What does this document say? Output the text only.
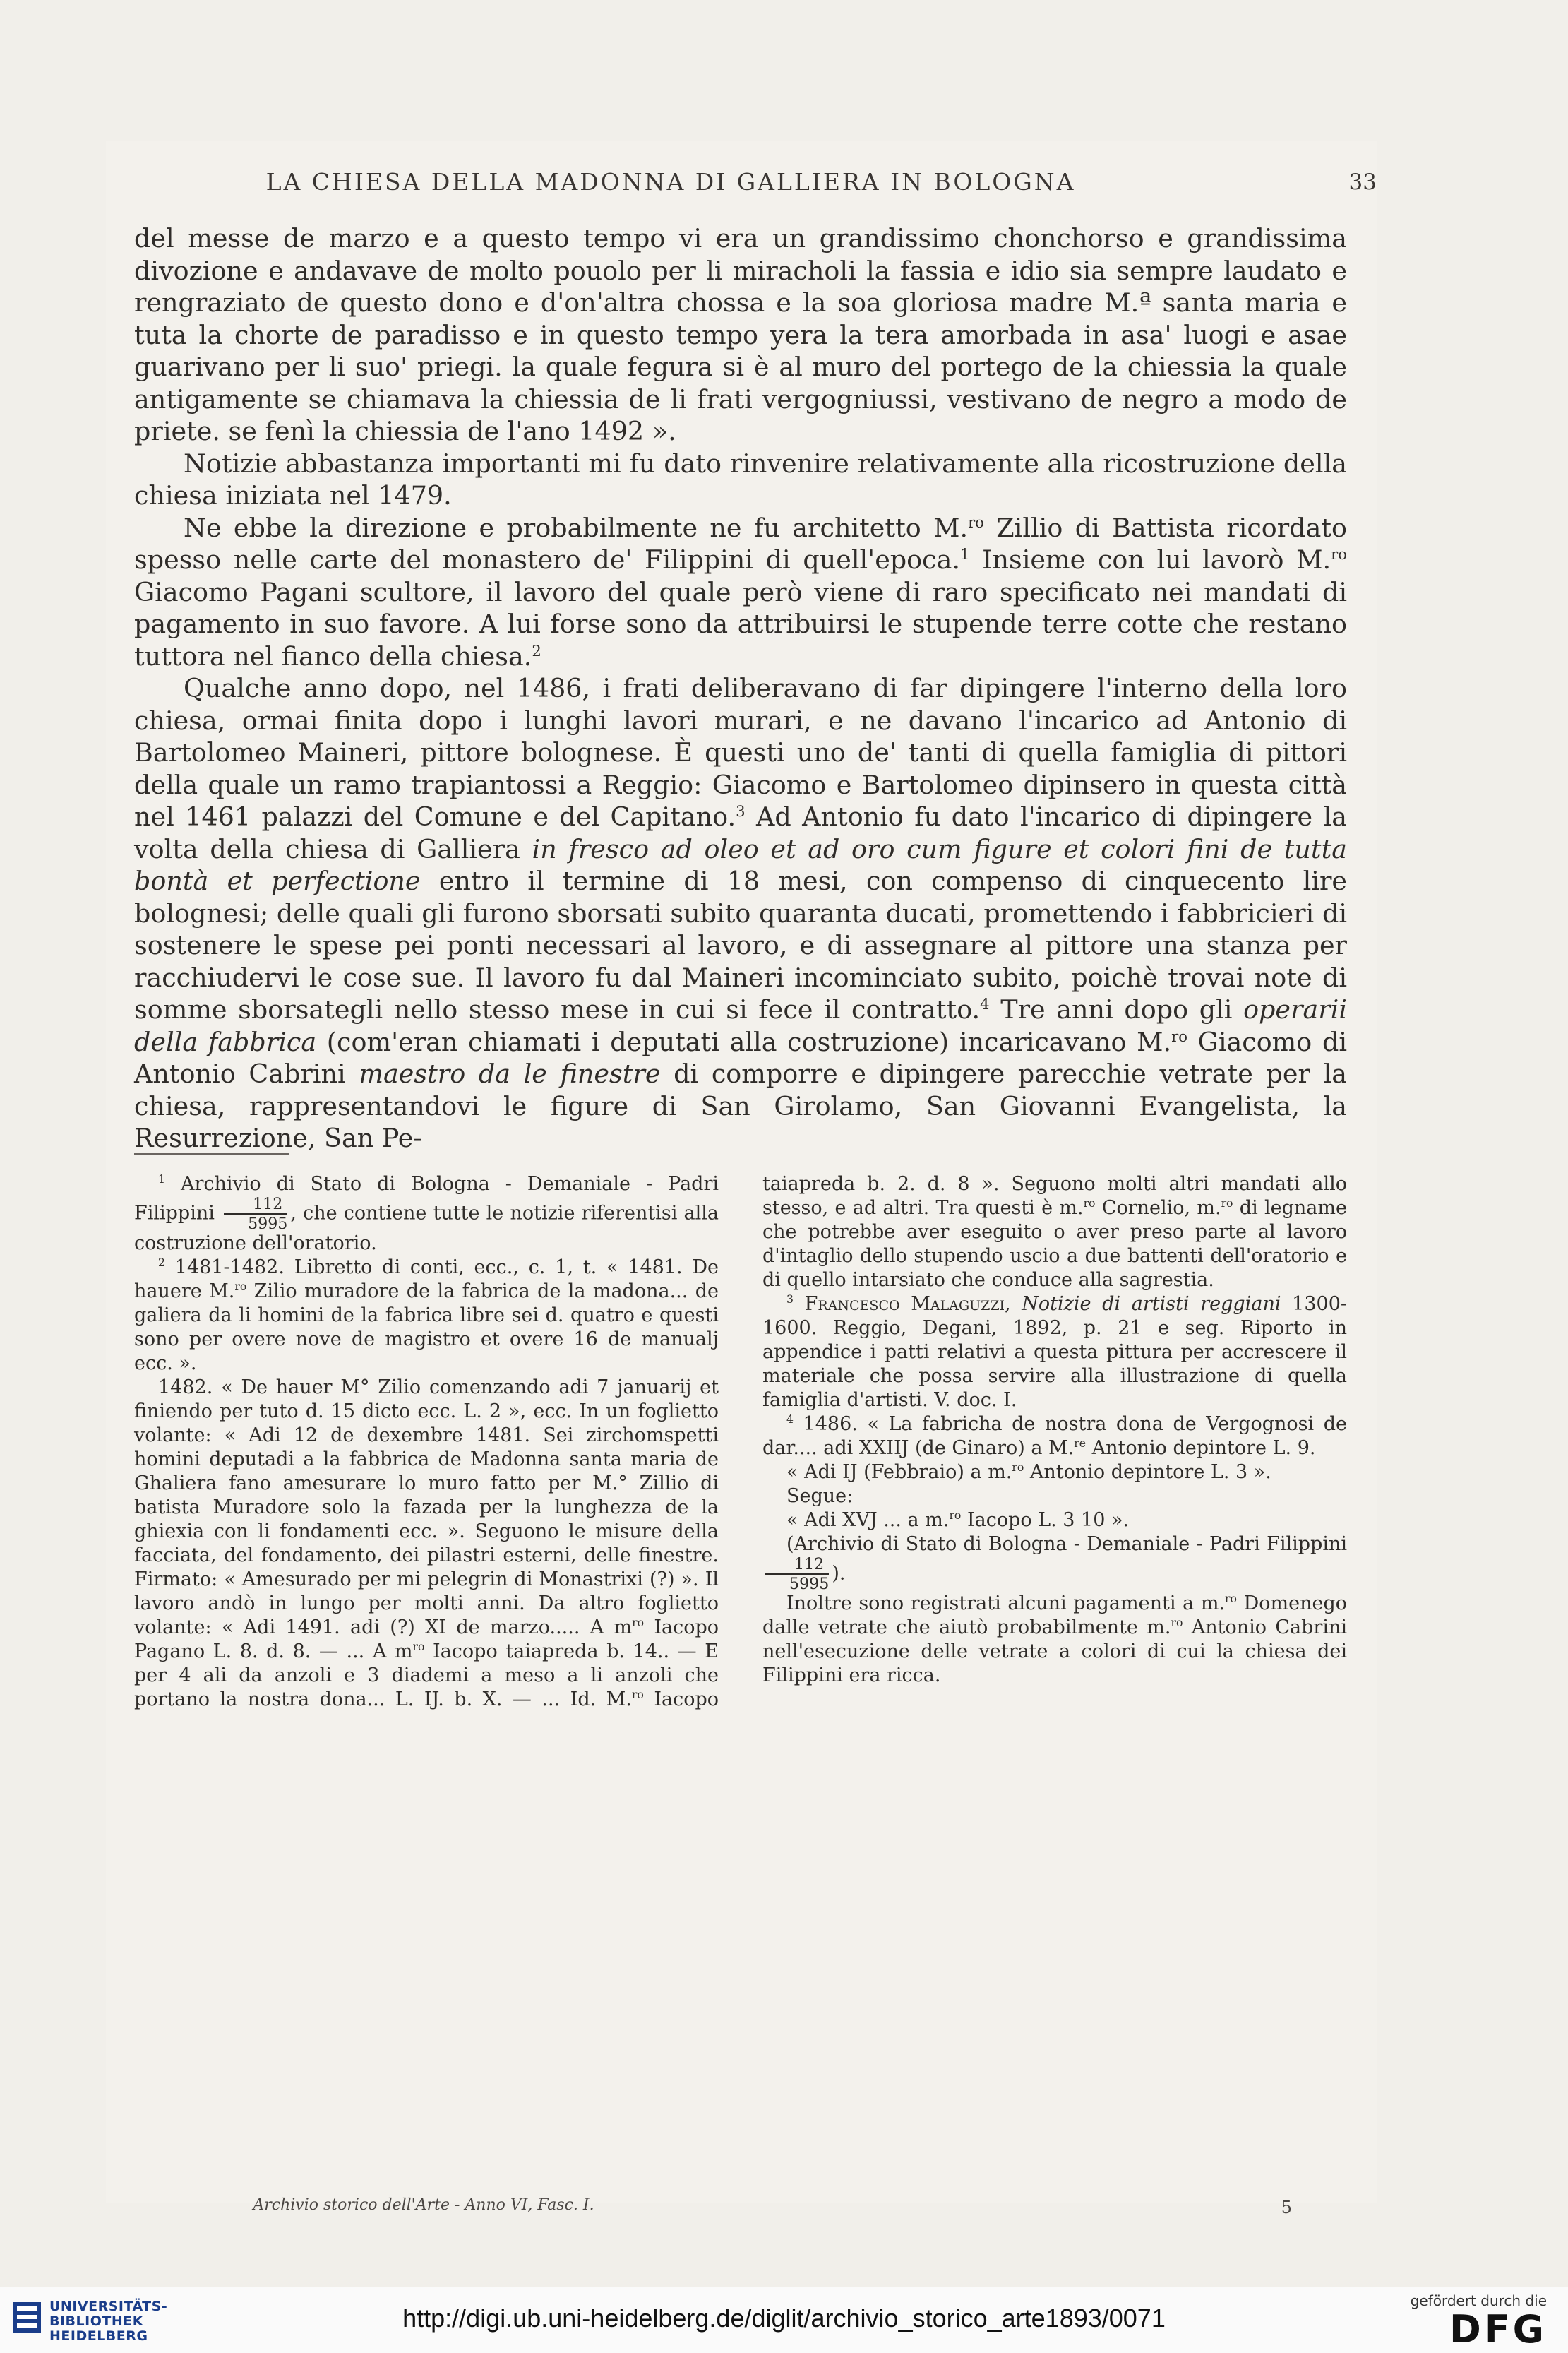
LA CHIESA DELLA MADONNA DI GALLIERA IN BOLOGNA	33

del messe de marzo e a questo tempo vi era un grandissimo chonchorso e grandissima divozione e andavave de molto pouolo per li miracholi la fassia e idio sia sempre laudato e rengraziato de questo dono e d'on'altra chossa e la soa gloriosa madre M.ª santa maria e tuta la chorte de paradisso e in questo tempo yera la tera amorbada in asa' luogi e asae guarivano per li suo' priegi. la quale fegura si è al muro del portego de la chiessia la quale antigamente se chiamava la chiessia de li frati vergogniussi, vestivano de negro a modo de priete. se fenì la chiessia de l'ano 1492 ».

Notizie abbastanza importanti mi fu dato rinvenire relativamente alla ricostruzione della chiesa iniziata nel 1479.

Ne ebbe la direzione e probabilmente ne fu architetto M.$^{ro}$ Zillio di Battista ricordato spesso nelle carte del monastero de' Filippini di quell'epoca.$^1$ Insieme con lui lavorò M.$^{ro}$ Giacomo Pagani scultore, il lavoro del quale però viene di raro specificato nei mandati di pagamento in suo favore. A lui forse sono da attribuirsi le stupende terre cotte che restano tuttora nel fianco della chiesa.$^2$

Qualche anno dopo, nel 1486, i frati deliberavano di far dipingere l'interno della loro chiesa, ormai finita dopo i lunghi lavori murari, e ne davano l'incarico ad Antonio di Bartolomeo Maineri, pittore bolognese. È questi uno de' tanti di quella famiglia di pittori della quale un ramo trapiantossi a Reggio: Giacomo e Bartolomeo dipinsero in questa città nel 1461 palazzi del Comune e del Capitano.$^3$ Ad Antonio fu dato l'incarico di dipingere la volta della chiesa di Galliera in fresco ad oleo et ad oro cum figure et colori fini de tutta bontà et perfectione entro il termine di 18 mesi, con compenso di cinquecento lire bolognesi; delle quali gli furono sborsati subito quaranta ducati, promettendo i fabbricieri di sostenere le spese pei ponti necessari al lavoro, e di assegnare al pittore una stanza per racchiudervi le cose sue. Il lavoro fu dal Maineri incominciato subito, poichè trovai note di somme sborsategli nello stesso mese in cui si fece il contratto.$^4$ Tre anni dopo gli operarii della fabbrica (com'eran chiamati i deputati alla costruzione) incaricavano M.$^{ro}$ Giacomo di Antonio Cabrini maestro da le finestre di comporre e dipingere parecchie vetrate per la chiesa, rappresentandovi le figure di San Girolamo, San Giovanni Evangelista, la Resurrezione, San Pe-

$^1$ Archivio di Stato di Bologna - Demaniale - Padri Filippini $\frac{112}{5995}$ , che contiene tutte le notizie riferentisi alla costruzione dell'oratorio.

$^2$ 1481-1482. Libretto di conti, ecc., c. 1, t. « 1481. De hauere M.$^{ro}$ Zilio muradore de la fabrica de la madona... de galiera da li homini de la fabrica libre sei d. quatro e questi sono per overe nove de magistro et overe 16 de manualj ecc. ».

1482. « De hauer M° Zilio comenzando adi 7 januarij et finiendo per tuto d. 15 dicto ecc. L. 2 », ecc. In un foglietto volante: « Adi 12 de dexembre 1481. Sei zirchomspetti homini deputadi a la fabbrica de Madonna santa maria de Ghaliera fano amesurare lo muro fatto per M.° Zillio di batista Muradore solo la fazada per la lunghezza de la ghiexia con li fondamenti ecc. ». Seguono le misure della facciata, del fondamento, dei pilastri esterni, delle finestre. Firmato: « Amesurado per mi pelegrin di Monastrixi (?) ». Il lavoro andò in lungo per molti anni. Da altro foglietto volante: « Adi 1491. adi (?) XI de marzo..... A $m^{ro}$ Iacopo Pagano L. 8. d. 8. — ... A $m^{ro}$ Iacopo taiapreda b. 14.. — E per 4 ali da anzoli e 3 diademi a meso a li anzoli che portano la nostra dona... L. IJ. b. X. — ... Id. M.$^{ro}$ Iacopo taiapreda b. 2. d. 8 ». Seguono molti altri mandati allo stesso, e ad altri. Tra questi è m.$^{ro}$ Cornelio, m.$^{ro}$ di legname che potrebbe aver eseguito o aver preso parte al lavoro d'intaglio dello stupendo uscio a due battenti dell'oratorio e di quello intarsiato che conduce alla sagrestia.

$^3$ Francesco Malaguzzi, Notizie di artisti reggiani 1300-1600. Reggio, Degani, 1892, p. 21 e seg. Riporto in appendice i patti relativi a questa pittura per accrescere il materiale che possa servire alla illustrazione di quella famiglia d'artisti. V. doc. I.

$^4$ 1486. « La fabricha de nostra dona de Vergognosi de dar.... adi XXIIJ (de Ginaro) a M.$^{re}$ Antonio depintore L. 9.

« Adi IJ (Febbraio) a m.$^{ro}$ Antonio depintore L. 3 ».

Segue:

« Adi XVJ ... a m.$^{ro}$ Iacopo L. 3 10 ».

(Archivio di Stato di Bologna - Demaniale - Padri Filippini
$\frac{112}{5995}$ ).

Inoltre sono registrati alcuni pagamenti a m.$^{ro}$ Domenego dalle vetrate che aiutò probabilmente m.$^{ro}$ Antonio Cabrini nell'esecuzione delle vetrate a colori di cui la chiesa dei Filippini era ricca.

Archivio storico dell'Arte - Anno VI, Fasc. I.	5
UNIVERSITÄTS-
BIBLIOTHEK
HEIDELBERG
http://digi.ub.uni-heidelberg.de/diglit/archivio_storico_arte1893/0071
gefördert durch die
DFG
